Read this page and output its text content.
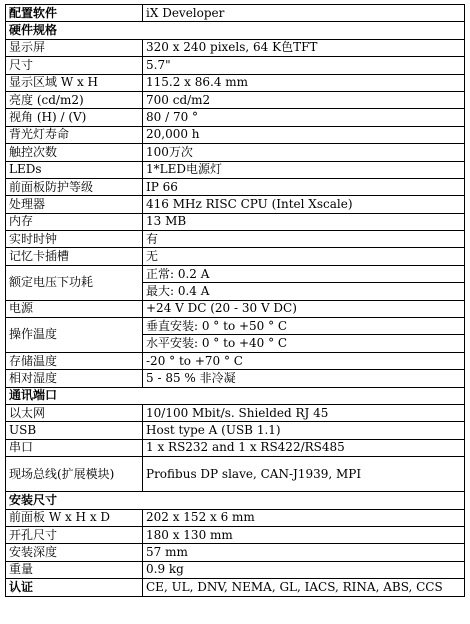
配置软件	iX Developer
硬件规格	
显示屏	320 x 240 pixels, 64 K色TFT
尺寸	5.7"
显示区域 W x H	115.2 x 86.4 mm
亮度 (cd/m2)	700 cd/m2
视角 (H) / (V)	80 / 70 °
背光灯寿命	20,000 h
触控次数	100万次
LEDs	1*LED电源灯
前面板防护等级	IP 66
处理器	416 MHz RISC CPU (Intel Xscale)
内存	13 MB
实时时钟	有
记忆卡插槽	无
额定电压下功耗	正常: 0.2 A
	最大: 0.4 A
电源	+24 V DC (20 - 30 V DC)
操作温度	垂直安装: 0 ° to +50 ° C
	水平安装: 0 ° to +40 ° C
存储温度	-20 ° to +70 ° C
相对湿度	5 - 85 % 非冷凝
通讯端口	
以太网	10/100 Mbit/s. Shielded RJ 45
USB	Host type A (USB 1.1)
串口	1 x RS232 and 1 x RS422/RS485
现场总线(扩展模块)	Profibus DP slave, CAN-J1939, MPI
安装尺寸	
前面板 W x H x D	202 x 152 x 6 mm
开孔尺寸	180 x 130 mm
安装深度	57 mm
重量	0.9 kg
认证	CE, UL, DNV, NEMA, GL, IACS, RINA, ABS, CCS
